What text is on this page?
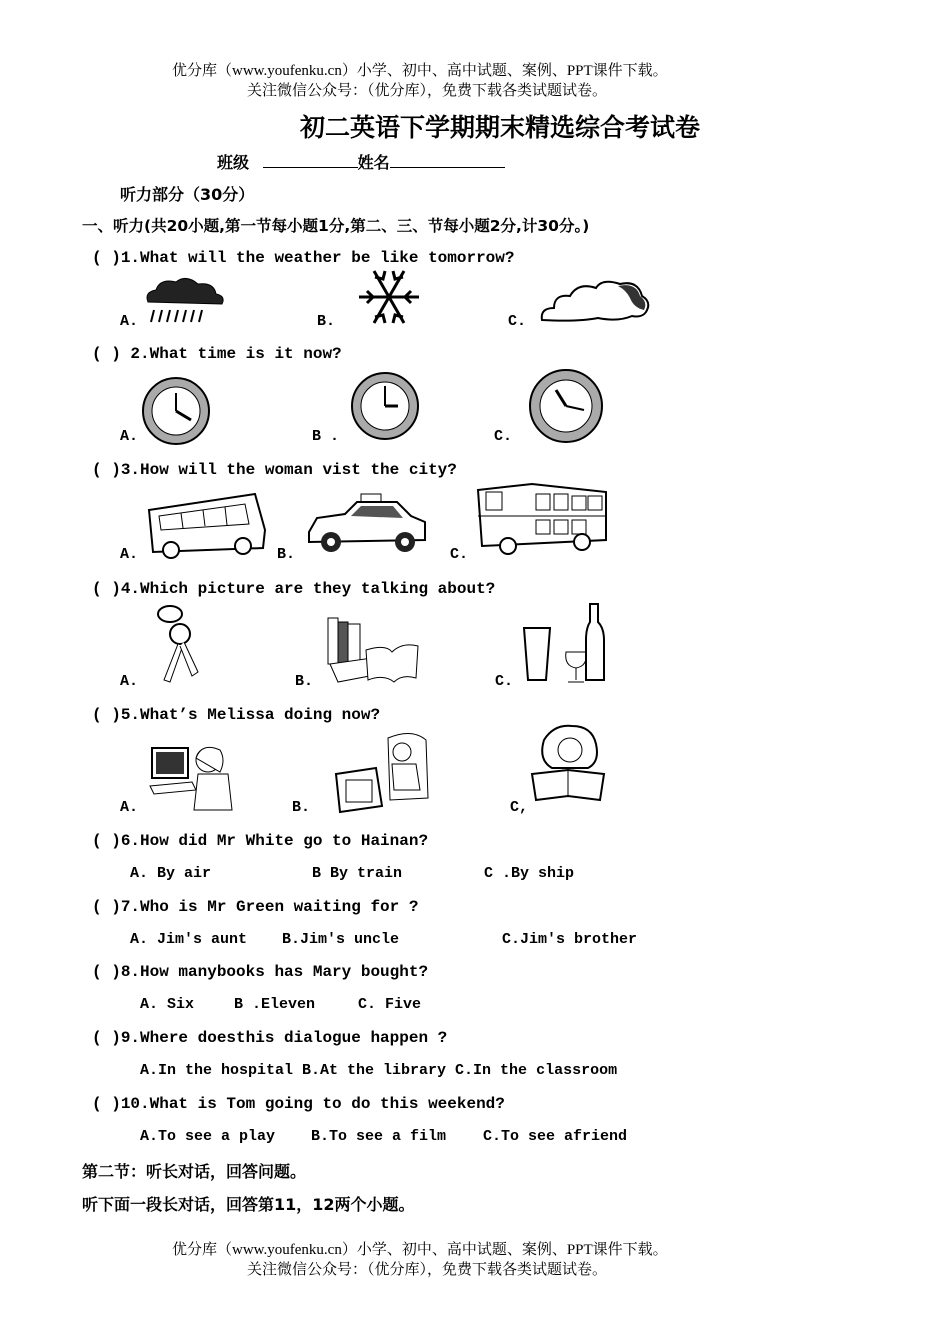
优分库（www.youfenku.cn）小学、初中、高中试题、案例、PPT课件下载。
关注微信公众号：（优分库），免费下载各类试题试卷。
初二英语下学期期末精选综合考试卷
班级	姓名
听力部分（30分）
一、听力(共20小题,第一节每小题1分,第二、三、节每小题2分,计30分。)
( )1.What will the weather be like tomorrow?
A.	B.	C.
( ) 2.What time is it now?
A.	B .	C.
( )3.How will the woman vist the city?
A.	B.	C.
( )4.Which picture are they talking about?
A.	B.	C.
( )5.What’s Melissa doing now?
A.	B.	C,
( )6.How did Mr White go to Hainan?
A. By air	B By train	C .By ship
( )7.Who is Mr Green waiting for ?
A. Jim's aunt B.Jim's uncle	C.Jim's brother
( )8.How manybooks has Mary bought?
A. Six	B .Eleven	C. Five
( )9.Where doesthis dialogue happen ?
A.In the hospital B.At the library C.In the classroom
( )10.What is Tom going to do this weekend?
A.To see a play B.To see a film C.To see afriend
第二节：听长对话，回答问题。
听下面一段长对话，回答第11，12两个小题。
优分库（www.youfenku.cn）小学、初中、高中试题、案例、PPT课件下载。
关注微信公众号：（优分库），免费下载各类试题试卷。
